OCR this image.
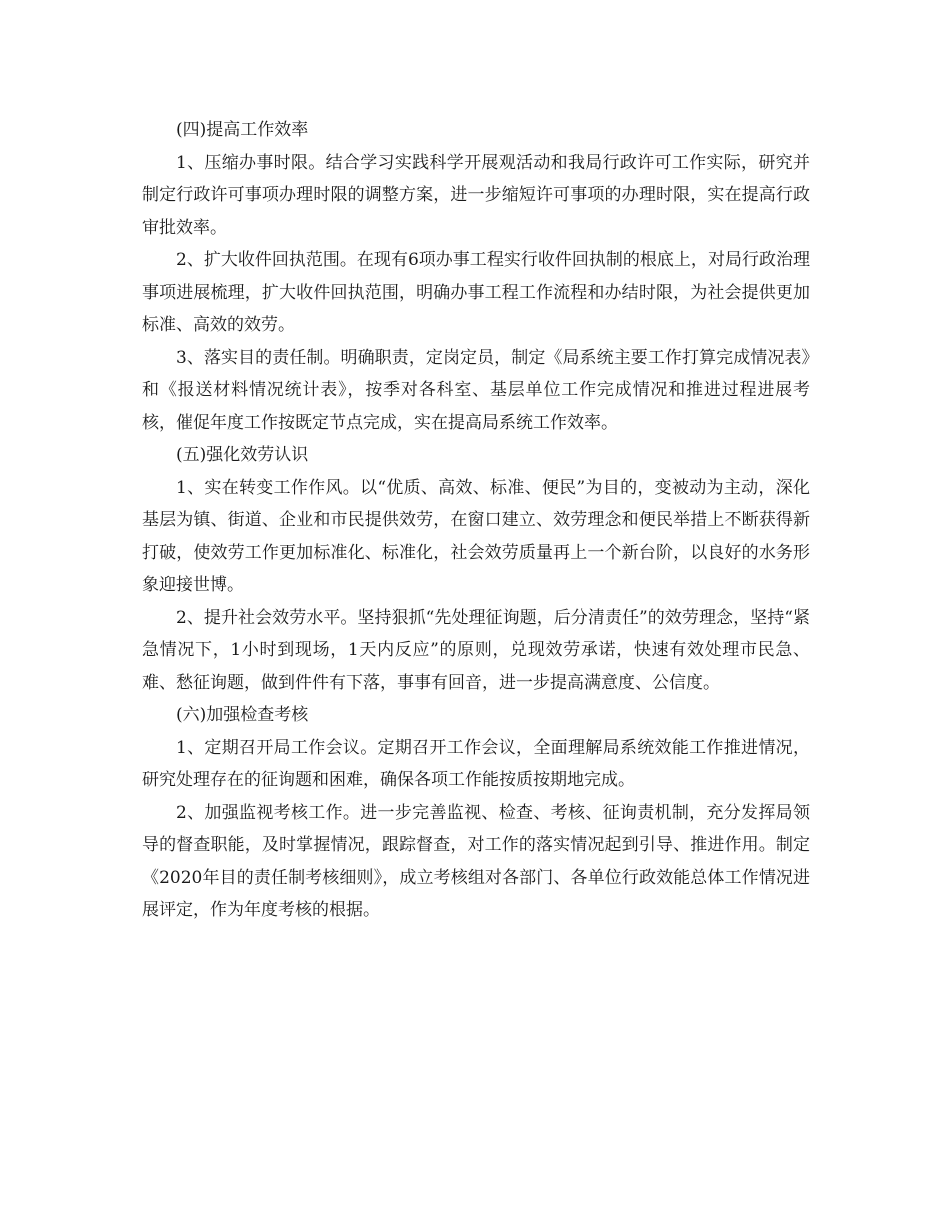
(四)提高工作效率

1、压缩办事时限。结合学习实践科学开展观活动和我局行政许可工作实际，研究并制定行政许可事项办理时限的调整方案，进一步缩短许可事项的办理时限，实在提高行政审批效率。

2、扩大收件回执范围。在现有6项办事工程实行收件回执制的根底上，对局行政治理事项进展梳理，扩大收件回执范围，明确办事工程工作流程和办结时限，为社会提供更加标准、高效的效劳。

3、落实目的责任制。明确职责，定岗定员，制定《局系统主要工作打算完成情况表》和《报送材料情况统计表》，按季对各科室、基层单位工作完成情况和推进过程进展考核，催促年度工作按既定节点完成，实在提高局系统工作效率。

(五)强化效劳认识

1、实在转变工作作风。以“优质、高效、标准、便民”为目的，变被动为主动，深化基层为镇、街道、企业和市民提供效劳，在窗口建立、效劳理念和便民举措上不断获得新打破，使效劳工作更加标准化、标准化，社会效劳质量再上一个新台阶，以良好的水务形象迎接世博。

2、提升社会效劳水平。坚持狠抓“先处理征询题，后分清责任”的效劳理念，坚持“紧急情况下，1小时到现场，1天内反应”的原则，兑现效劳承诺，快速有效处理市民急、难、愁征询题，做到件件有下落，事事有回音，进一步提高满意度、公信度。

(六)加强检查考核

1、定期召开局工作会议。定期召开工作会议，全面理解局系统效能工作推进情况，研究处理存在的征询题和困难，确保各项工作能按质按期地完成。

2、加强监视考核工作。进一步完善监视、检查、考核、征询责机制，充分发挥局领导的督查职能，及时掌握情况，跟踪督查，对工作的落实情况起到引导、推进作用。制定《2020年目的责任制考核细则》，成立考核组对各部门、各单位行政效能总体工作情况进展评定，作为年度考核的根据。
